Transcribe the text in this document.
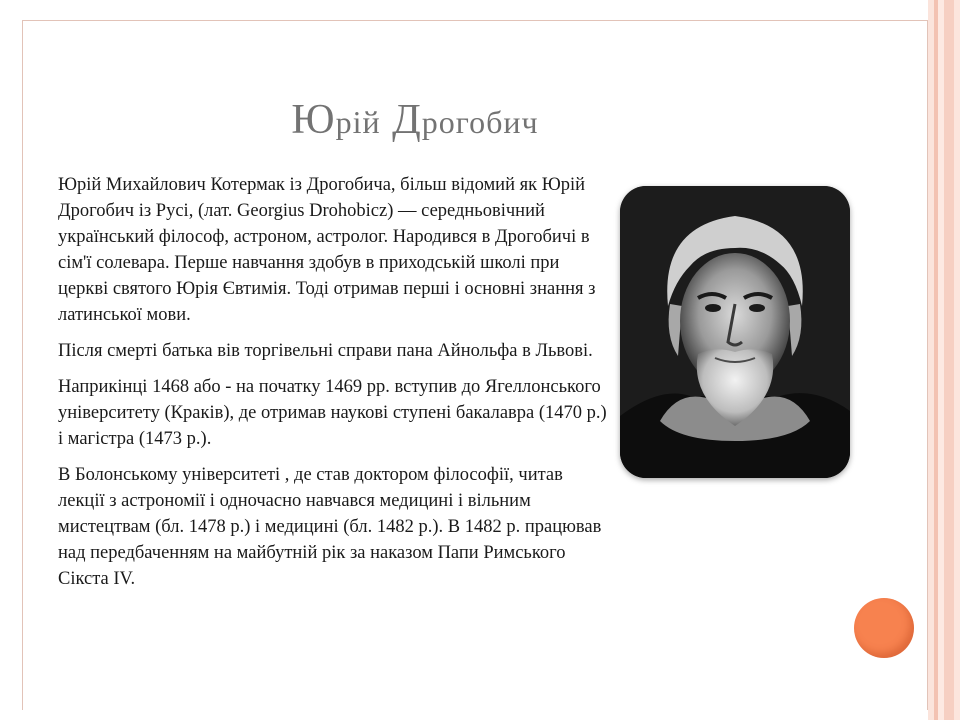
Юрій Дрогобич

Юрій Михайлович Котермак із Дрогобича, більш відомий як Юрій Дрогобич із Русі, (лат. Georgius Drohobicz) — середньовічний український філософ, астроном, астролог. Народився в Дрогобичі в сім'ї солевара. Перше навчання здобув в приходській школі при церкві святого Юрія Євтимія. Тоді отримав перші і основні знання з латинської мови.

Після смерті батька вів торгівельні справи пана Айнольфа в Львові.

Наприкінці 1468 або - на початку 1469 рр. вступив до Ягеллонського університету (Краків), де отримав наукові ступені бакалавра (1470 р.) і магістра (1473 р.).

В Болонському університеті , де став доктором філософії, читав лекції з астрономії і одночасно навчався медицині і вільним мистецтвам (бл. 1478 р.) і медицині (бл. 1482 р.). В 1482 р. працював над передбаченням на майбутній рік за наказом Папи Римського Сікста IV.
